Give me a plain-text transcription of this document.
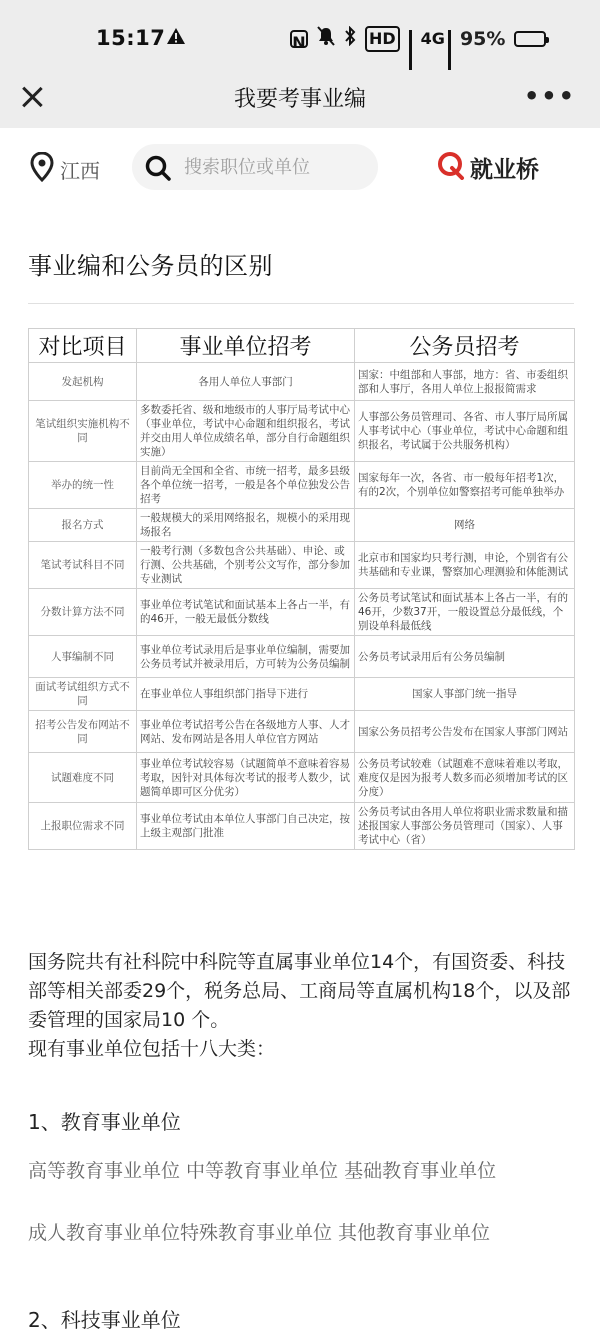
15:17	N	HD 4G 95%
我要考事业编	•••
江西
搜索职位或单位	就业桥
事业编和公务员的区别
对比项目	事业单位招考	公务员招考
发起机构	各用人单位人事部门	国家：中组部和人事部，地方：省、市委组织部和人事厅，各用人单位上报报简需求
笔试组织实施机构不同	多数委托省、级和地级市的人事厅局考试中心（事业单位，考试中心命题和组织报名，考试并交由用人单位成绩名单，部分自行命题组织实施）	人事部公务员管理司、各省、市人事厅局所属人事考试中心（事业单位，考试中心命题和组织报名，考试属于公共服务机构）
举办的统一性	目前尚无全国和全省、市统一招考，最多县级各个单位统一招考，一般是各个单位独发公告招考	国家每年一次，各省、市一般每年招考1次，有的2次，个别单位如警察招考可能单独举办
报名方式	一般规模大的采用网络报名，规模小的采用现场报名	网络
笔试考试科目不同	一般考行测（多数包含公共基础）、申论、或行测、公共基础，个别考公文写作，部分参加专业测试	北京市和国家均只考行测，申论，个别省有公共基础和专业课，警察加心理测验和体能测试
分数计算方法不同	事业单位考试笔试和面试基本上各占一半，有的46开，一般无最低分数线	公务员考试笔试和面试基本上各占一半，有的46开，少数37开，一般设置总分最低线，个别设单科最低线
人事编制不同	事业单位考试录用后是事业单位编制，需要加公务员考试并被录用后，方可转为公务员编制	公务员考试录用后有公务员编制
面试考试组织方式不同	在事业单位人事组织部门指导下进行	国家人事部门统一指导
招考公告发布网站不同	事业单位考试招考公告在各级地方人事、人才网站、发布网站是各用人单位官方网站	国家公务员招考公告发布在国家人事部门网站
试题难度不同	事业单位考试较容易（试题简单不意味着容易考取，因针对具体每次考试的报考人数少，试题简单即可区分优劣）	公务员考试较难（试题难不意味着难以考取，难度仅是因为报考人数多而必须增加考试的区分度）
上报职位需求不同	事业单位考试由本单位人事部门自己决定，按上级主观部门批准	公务员考试由各用人单位将职业需求数量和描述报国家人事部公务员管理司（国家）、人事考试中心（省）
国务院共有社科院中科院等直属事业单位14个，有国资委、科技部等相关部委29个，税务总局、工商局等直属机构18个，以及部委管理的国家局10 个。
现有事业单位包括十八大类：
1、教育事业单位
高等教育事业单位 中等教育事业单位 基础教育事业单位
成人教育事业单位特殊教育事业单位 其他教育事业单位
2、科技事业单位
